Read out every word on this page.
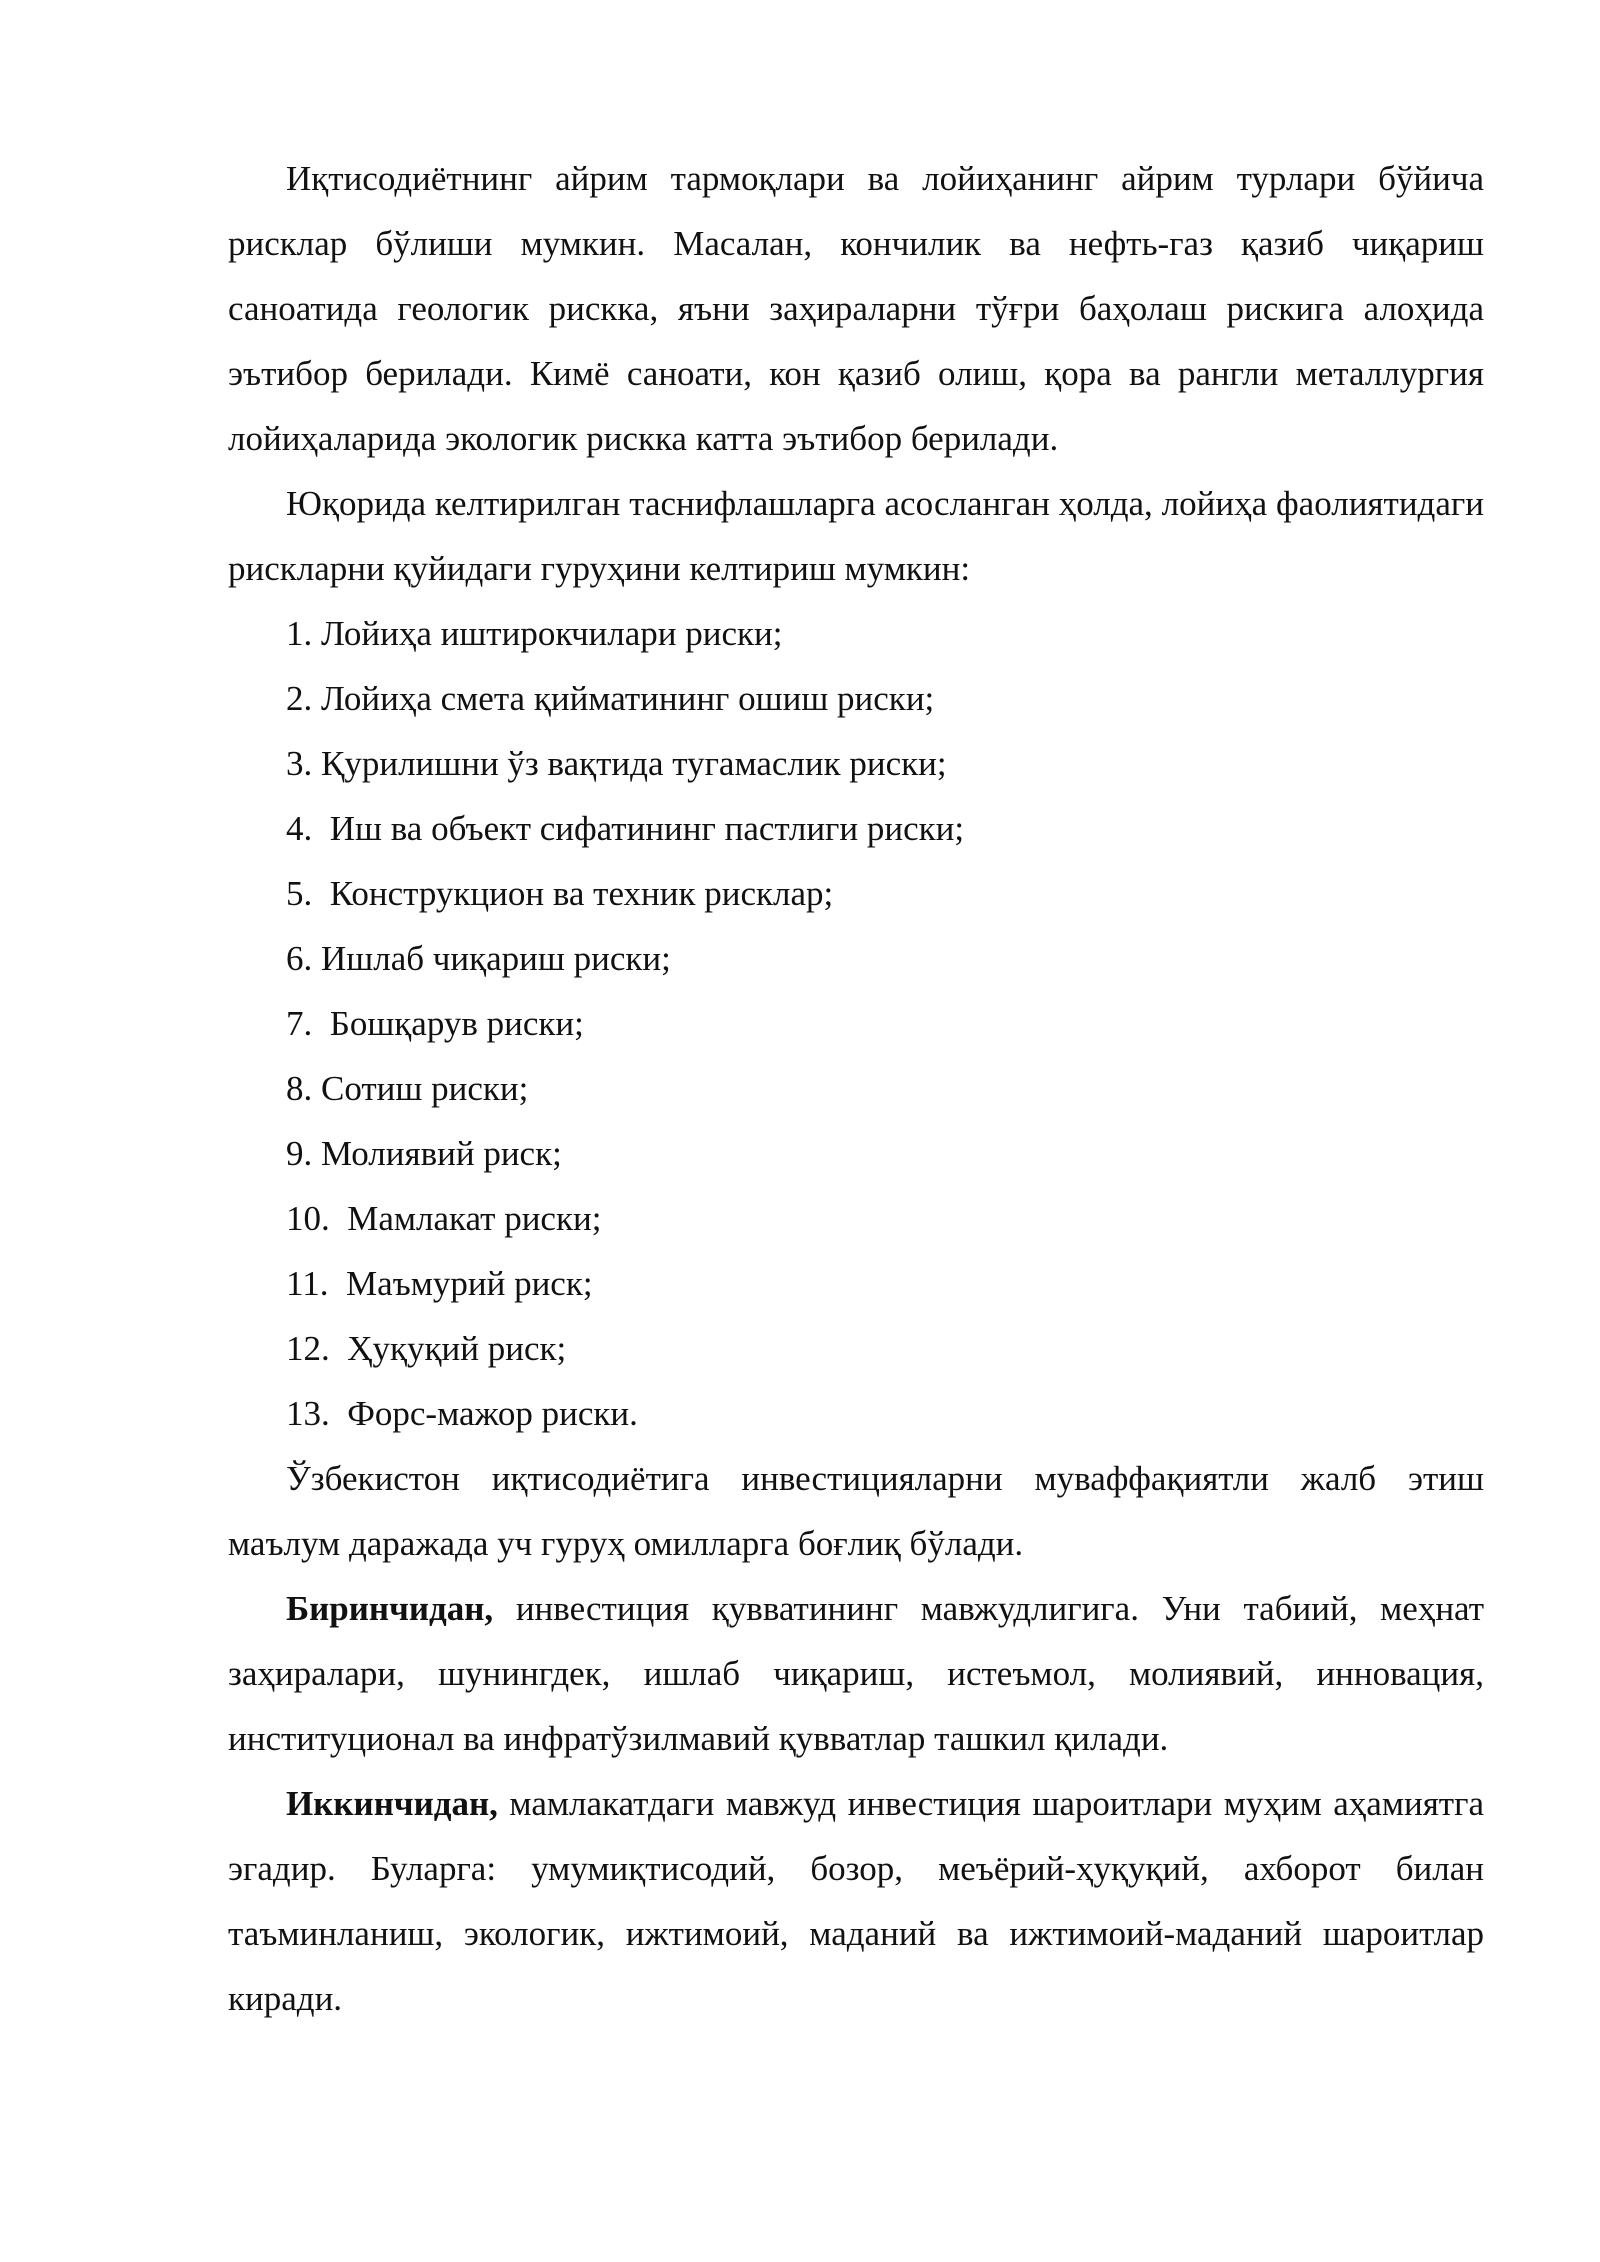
Иқтисодиётнинг айрим тармоқлари ва лойиҳанинг айрим турлари бўйича рисклар бўлиши мумкин. Масалан, кончилик ва нефть-газ қазиб чиқариш саноатида геологик рискка, яъни заҳираларни тўғри баҳолаш рискига алоҳида эътибор берилади. Кимё саноати, кон қазиб олиш, қора ва рангли металлургия лойиҳаларида экологик рискка катта эътибор берилади.

Юқорида келтирилган таснифлашларга асосланган ҳолда, лойиҳа фаолиятидаги рискларни қуйидаги гуруҳини келтириш мумкин:

1. Лойиҳа иштирокчилари риски;
2. Лойиҳа смета қийматининг ошиш риски;
3. Қурилишни ўз вақтида тугамаслик риски;
4.  Иш ва объект сифатининг пастлиги риски;
5.  Конструкцион ва техник рисклар;
6. Ишлаб чиқариш риски;
7.  Бошқарув риски;
8. Сотиш риски;
9. Молиявий риск;
10.  Мамлакат риски;
11.  Маъмурий риск;
12.  Ҳуқуқий риск;
13.  Форс-мажор риски.

Ўзбекистон иқтисодиётига инвестицияларни муваффақиятли жалб этиш маълум даражада уч гуруҳ омилларга боғлиқ бўлади.

Биринчидан, инвестиция қувватининг мавжудлигига. Уни табиий, меҳнат заҳиралари, шунингдек, ишлаб чиқариш, истеъмол, молиявий, инновация, институционал ва инфратўзилмавий қувватлар ташкил қилади.

Иккинчидан, мамлакатдаги мавжуд инвестиция шароитлари муҳим аҳамиятга эгадир. Буларга: умумиқтисодий, бозор, меъёрий-ҳуқуқий, ахборот билан таъминланиш, экологик, ижтимоий, маданий ва ижтимоий-маданий шароитлар киради.
